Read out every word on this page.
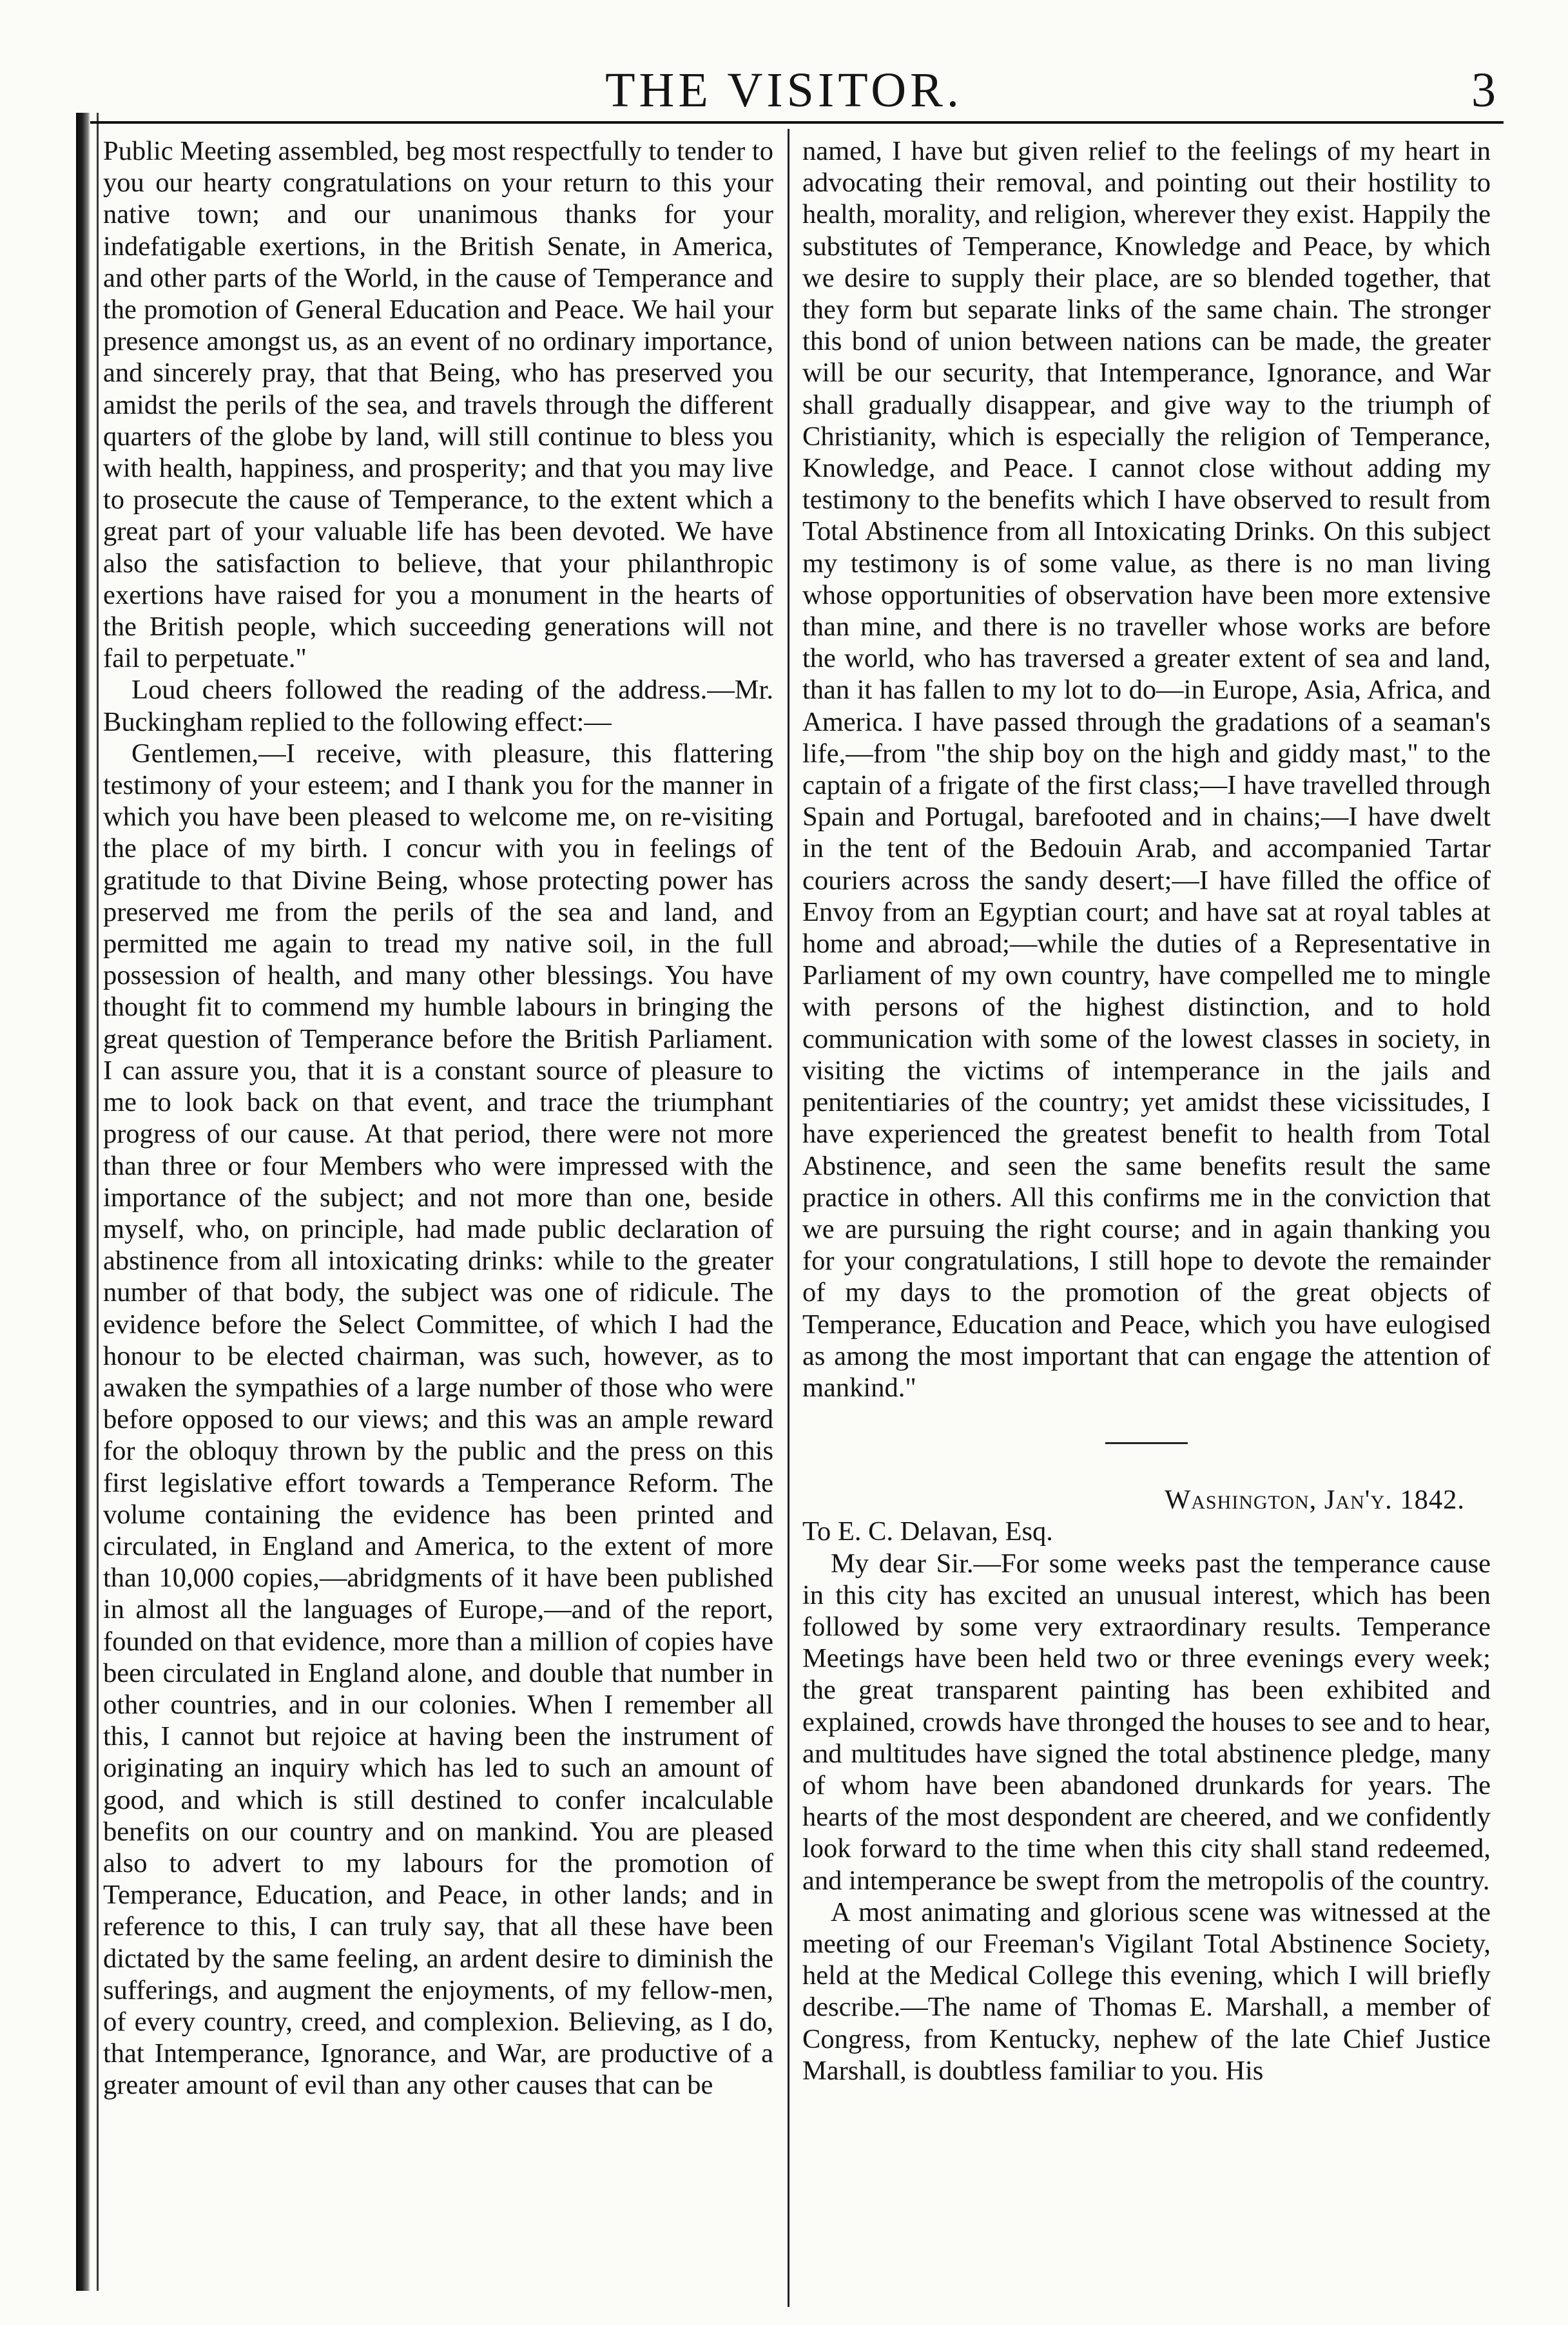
THE VISITOR.	3

Public Meeting assembled, beg most respectfully to tender to you our hearty congratulations on your return to this your native town; and our unanimous thanks for your indefatigable exertions, in the British Senate, in America, and other parts of the World, in the cause of Temperance and the promotion of General Education and Peace. We hail your presence amongst us, as an event of no ordinary importance, and sincerely pray, that that Being, who has preserved you amidst the perils of the sea, and travels through the different quarters of the globe by land, will still continue to bless you with health, happiness, and prosperity; and that you may live to prosecute the cause of Temperance, to the extent which a great part of your valuable life has been devoted. We have also the satisfaction to believe, that your philanthropic exertions have raised for you a monument in the hearts of the British people, which succeeding generations will not fail to perpetuate."

Loud cheers followed the reading of the address.—Mr. Buckingham replied to the following effect:—

Gentlemen,—I receive, with pleasure, this flattering testimony of your esteem; and I thank you for the manner in which you have been pleased to welcome me, on re-visiting the place of my birth. I concur with you in feelings of gratitude to that Divine Being, whose protecting power has preserved me from the perils of the sea and land, and permitted me again to tread my native soil, in the full possession of health, and many other blessings. You have thought fit to commend my humble labours in bringing the great question of Temperance before the British Parliament. I can assure you, that it is a constant source of pleasure to me to look back on that event, and trace the triumphant progress of our cause. At that period, there were not more than three or four Members who were impressed with the importance of the subject; and not more than one, beside myself, who, on principle, had made public declaration of abstinence from all intoxicating drinks: while to the greater number of that body, the subject was one of ridicule. The evidence before the Select Committee, of which I had the honour to be elected chairman, was such, however, as to awaken the sympathies of a large number of those who were before opposed to our views; and this was an ample reward for the obloquy thrown by the public and the press on this first legislative effort towards a Temperance Reform. The volume containing the evidence has been printed and circulated, in England and America, to the extent of more than 10,000 copies,—abridgments of it have been published in almost all the languages of Europe,—and of the report, founded on that evidence, more than a million of copies have been circulated in England alone, and double that number in other countries, and in our colonies. When I remember all this, I cannot but rejoice at having been the instrument of originating an inquiry which has led to such an amount of good, and which is still destined to confer incalculable benefits on our country and on mankind. You are pleased also to advert to my labours for the promotion of Temperance, Education, and Peace, in other lands; and in reference to this, I can truly say, that all these have been dictated by the same feeling, an ardent desire to diminish the sufferings, and augment the enjoyments, of my fellow-men, of every country, creed, and complexion. Believing, as I do, that Intemperance, Ignorance, and War, are productive of a greater amount of evil than any other causes that can be

named, I have but given relief to the feelings of my heart in advocating their removal, and pointing out their hostility to health, morality, and religion, wherever they exist. Happily the substitutes of Temperance, Knowledge and Peace, by which we desire to supply their place, are so blended together, that they form but separate links of the same chain. The stronger this bond of union between nations can be made, the greater will be our security, that Intemperance, Ignorance, and War shall gradually disappear, and give way to the triumph of Christianity, which is especially the religion of Temperance, Knowledge, and Peace. I cannot close without adding my testimony to the benefits which I have observed to result from Total Abstinence from all Intoxicating Drinks. On this subject my testimony is of some value, as there is no man living whose opportunities of observation have been more extensive than mine, and there is no traveller whose works are before the world, who has traversed a greater extent of sea and land, than it has fallen to my lot to do—in Europe, Asia, Africa, and America. I have passed through the gradations of a seaman's life,—from "the ship boy on the high and giddy mast," to the captain of a frigate of the first class;—I have travelled through Spain and Portugal, barefooted and in chains;—I have dwelt in the tent of the Bedouin Arab, and accompanied Tartar couriers across the sandy desert;—I have filled the office of Envoy from an Egyptian court; and have sat at royal tables at home and abroad;—while the duties of a Representative in Parliament of my own country, have compelled me to mingle with persons of the highest distinction, and to hold communication with some of the lowest classes in society, in visiting the victims of intemperance in the jails and penitentiaries of the country; yet amidst these vicissitudes, I have experienced the greatest benefit to health from Total Abstinence, and seen the same benefits result the same practice in others. All this confirms me in the conviction that we are pursuing the right course; and in again thanking you for your congratulations, I still hope to devote the remainder of my days to the promotion of the great objects of Temperance, Education and Peace, which you have eulogised as among the most important that can engage the attention of mankind."

Washington, Jan'y. 1842.

To E. C. Delavan, Esq.

My dear Sir.—For some weeks past the temperance cause in this city has excited an unusual interest, which has been followed by some very extraordinary results. Temperance Meetings have been held two or three evenings every week; the great transparent painting has been exhibited and explained, crowds have thronged the houses to see and to hear, and multitudes have signed the total abstinence pledge, many of whom have been abandoned drunkards for years. The hearts of the most despondent are cheered, and we confidently look forward to the time when this city shall stand redeemed, and intemperance be swept from the metropolis of the country.

A most animating and glorious scene was witnessed at the meeting of our Freeman's Vigilant Total Abstinence Society, held at the Medical College this evening, which I will briefly describe.—The name of Thomas E. Marshall, a member of Congress, from Kentucky, nephew of the late Chief Justice Marshall, is doubtless familiar to you. His
